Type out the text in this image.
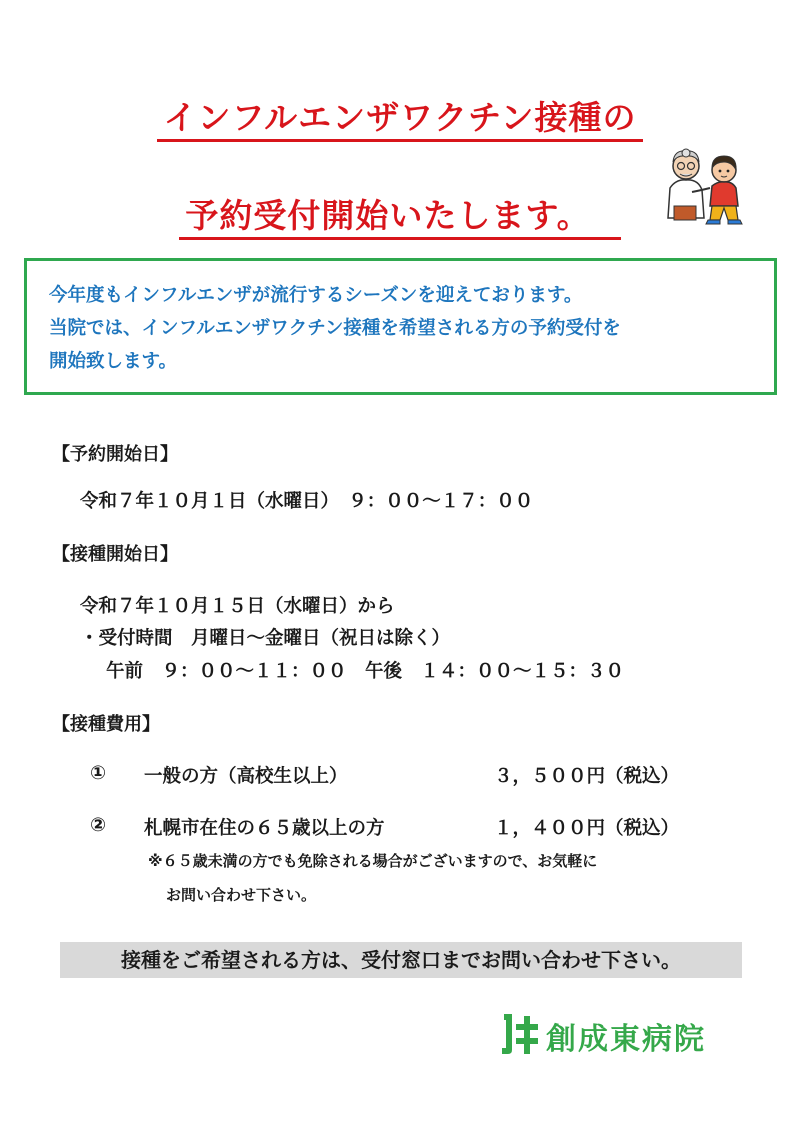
インフルエンザワクチン接種の
予約受付開始いたします。
今年度もインフルエンザが流行するシーズンを迎えております。
当院では、インフルエンザワクチン接種を希望される方の予約受付を
開始致します。
【予約開始日】
令和７年１０月１日（水曜日）　９：００～１７：００
【接種開始日】
令和７年１０月１５日（水曜日）から
・受付時間　月曜日～金曜日（祝日は除く）
午前　９：００～１１：００　午後　１４：００～１５：３０
【接種費用】
① 一般の方（高校生以上）	３，５００円（税込）
② 札幌市在住の６５歳以上の方	１，４００円（税込）
※６５歳未満の方でも免除される場合がございますので、お気軽に
お問い合わせ下さい。
接種をご希望される方は、受付窓口までお問い合わせ下さい。
創成東病院
